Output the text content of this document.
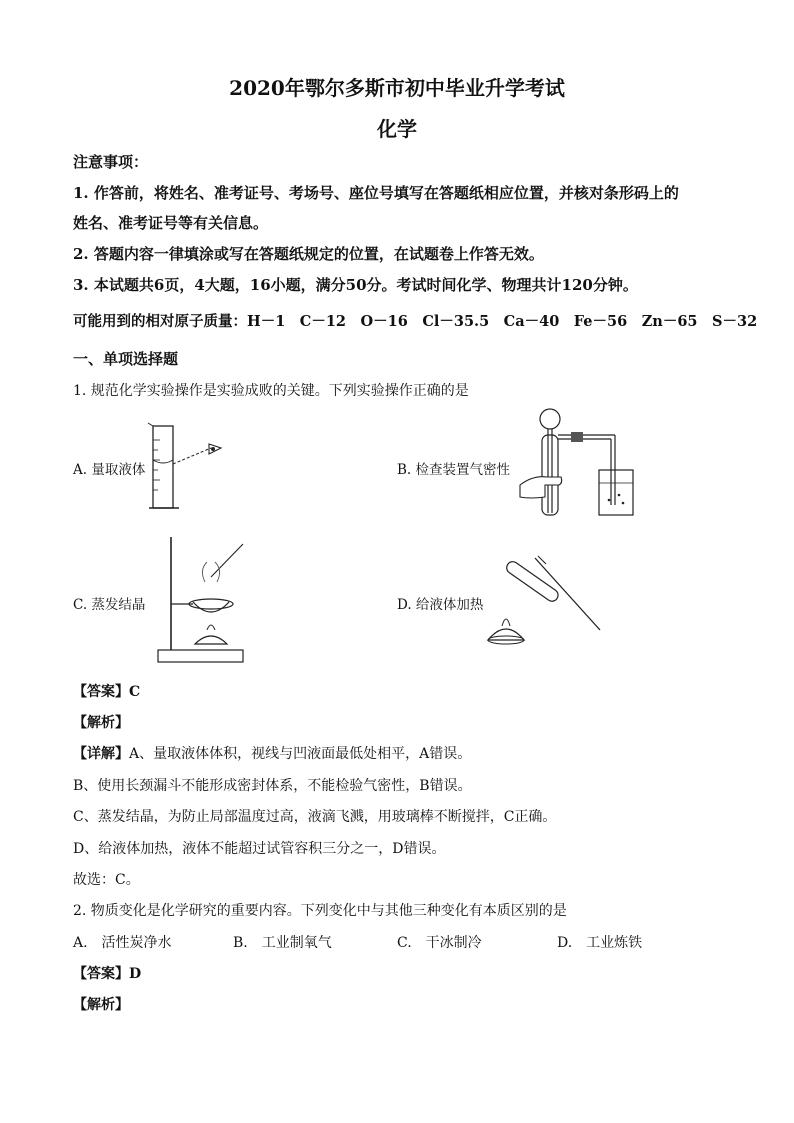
2020年鄂尔多斯市初中毕业升学考试
化学
注意事项：
1. 作答前，将姓名、准考证号、考场号、座位号填写在答题纸相应位置，并核对条形码上的
姓名、准考证号等有关信息。
2. 答题内容一律填涂或写在答题纸规定的位置，在试题卷上作答无效。
3. 本试题共6页，4大题，16小题，满分50分。考试时间化学、物理共计120分钟。
可能用到的相对原子质量：H－1　C－12　O－16　Cl－35.5　Ca－40　Fe－56　Zn－65　S－32
一、单项选择题
1. 规范化学实验操作是实验成败的关键。下列实验操作正确的是
A. 量取液体	B. 检查装置气密性
C. 蒸发结晶	D. 给液体加热
【答案】C
【解析】
【详解】A、量取液体体积，视线与凹液面最低处相平，A错误。
B、使用长颈漏斗不能形成密封体系，不能检验气密性，B错误。
C、蒸发结晶，为防止局部温度过高，液滴飞溅，用玻璃棒不断搅拌，C正确。
D、给液体加热，液体不能超过试管容积三分之一，D错误。
故选：C。
2. 物质变化是化学研究的重要内容。下列变化中与其他三种变化有本质区别的是
A.　活性炭净水	B.　工业制氧气	C.　干冰制冷	D.　工业炼铁
【答案】D
【解析】
